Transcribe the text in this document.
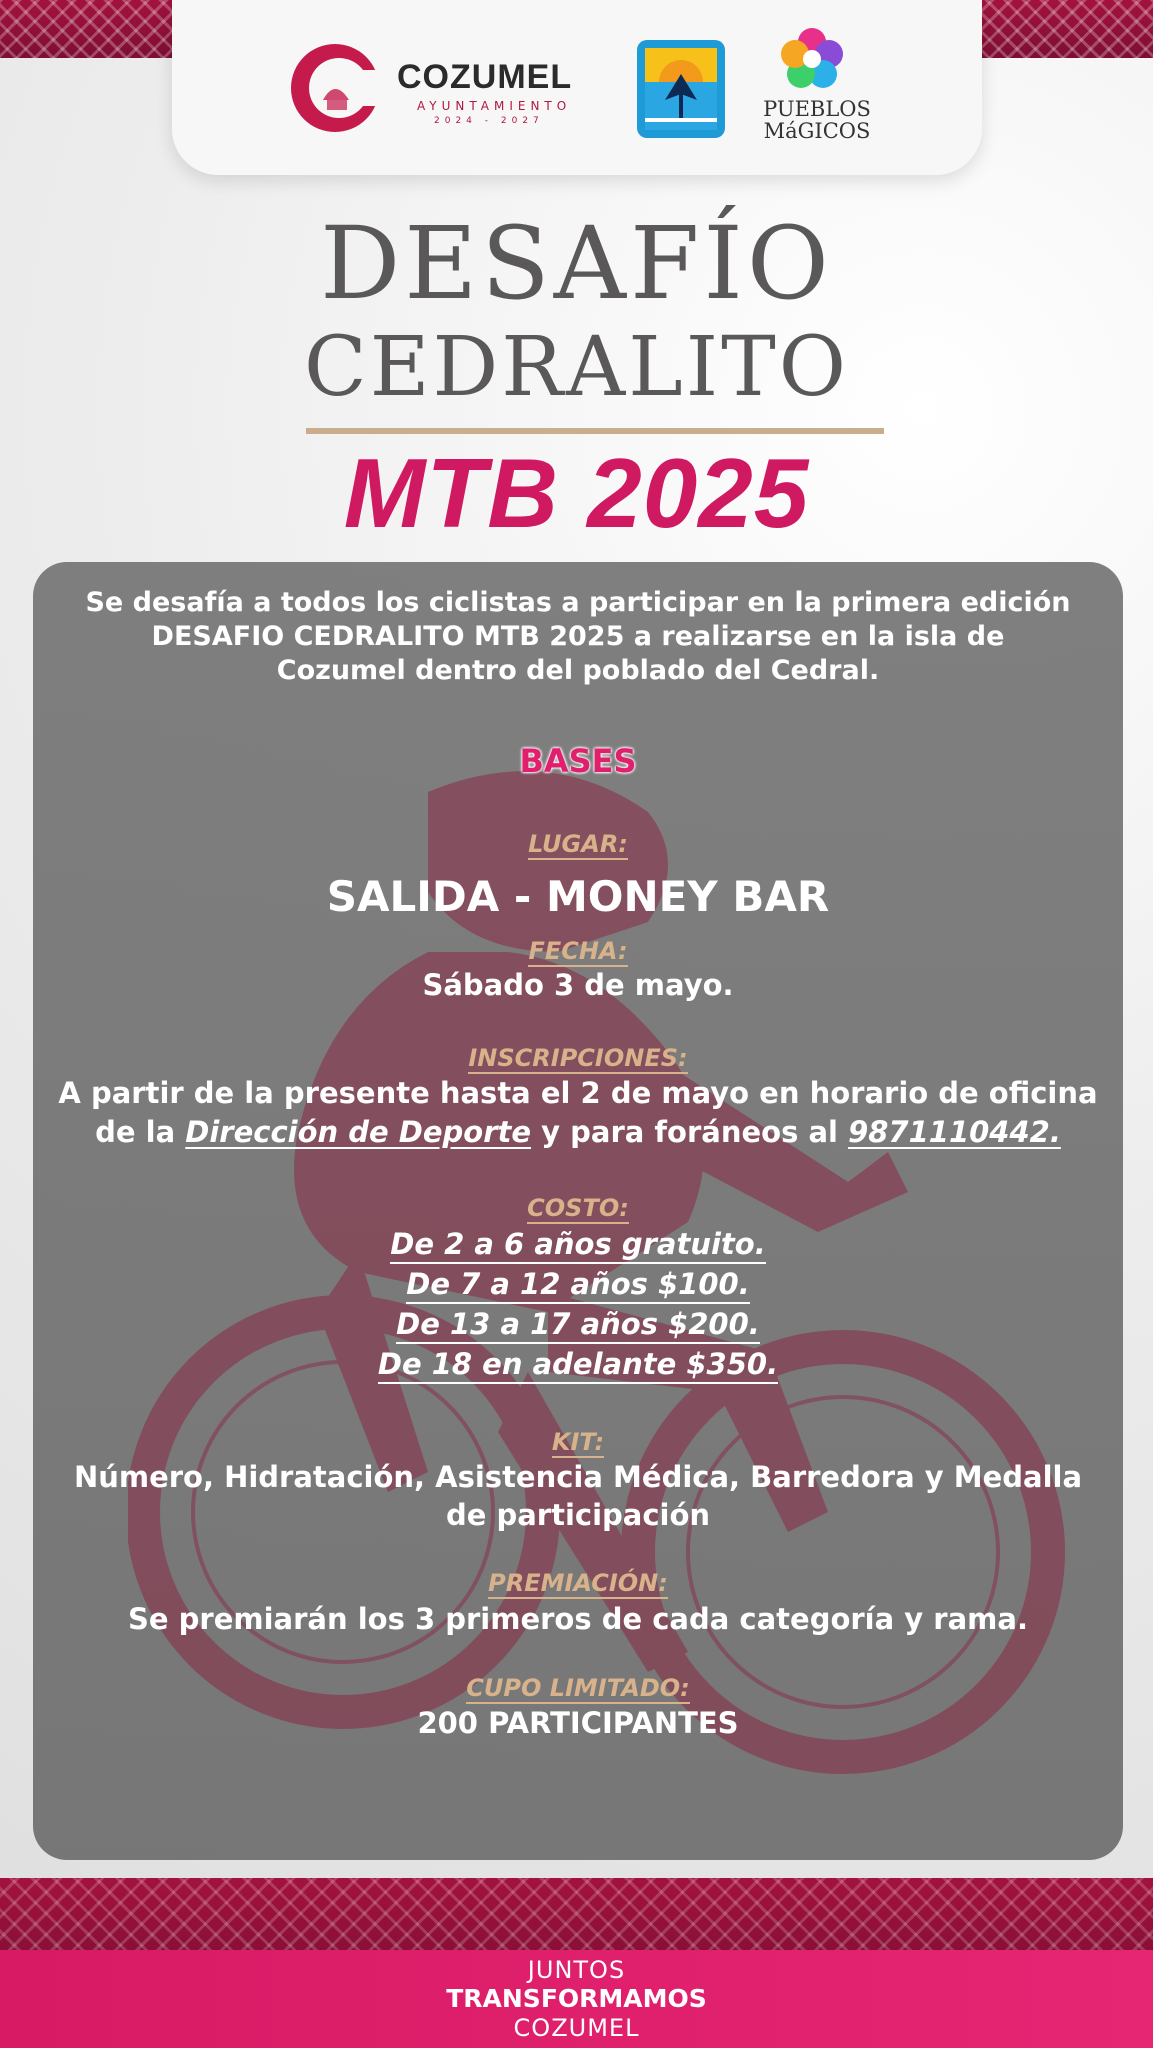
COZUMEL
AYUNTAMIENTO
2024 - 2027	PUEBLOS
MáGICOS
DESAFÍO
CEDRALITO
MTB 2025
Se desafía a todos los ciclistas a participar en la primera edición
DESAFIO CEDRALITO MTB 2025 a realizarse en la isla de
Cozumel dentro del poblado del Cedral.
BASES
LUGAR:
SALIDA - MONEY BAR
FECHA:
Sábado 3 de mayo.
INSCRIPCIONES:
A partir de la presente hasta el 2 de mayo en horario de oficina
de la Dirección de Deporte y para foráneos al 9871110442.
COSTO:
De 2 a 6 años gratuito.
De 7 a 12 años $100.
De 13 a 17 años $200.
De 18 en adelante $350.
KIT:
Número, Hidratación, Asistencia Médica, Barredora y Medalla
de participación
PREMIACIÓN:
Se premiarán los 3 primeros de cada categoría y rama.
CUPO LIMITADO:
200 PARTICIPANTES
JUNTOS
TRANSFORMAMOS
COZUMEL
